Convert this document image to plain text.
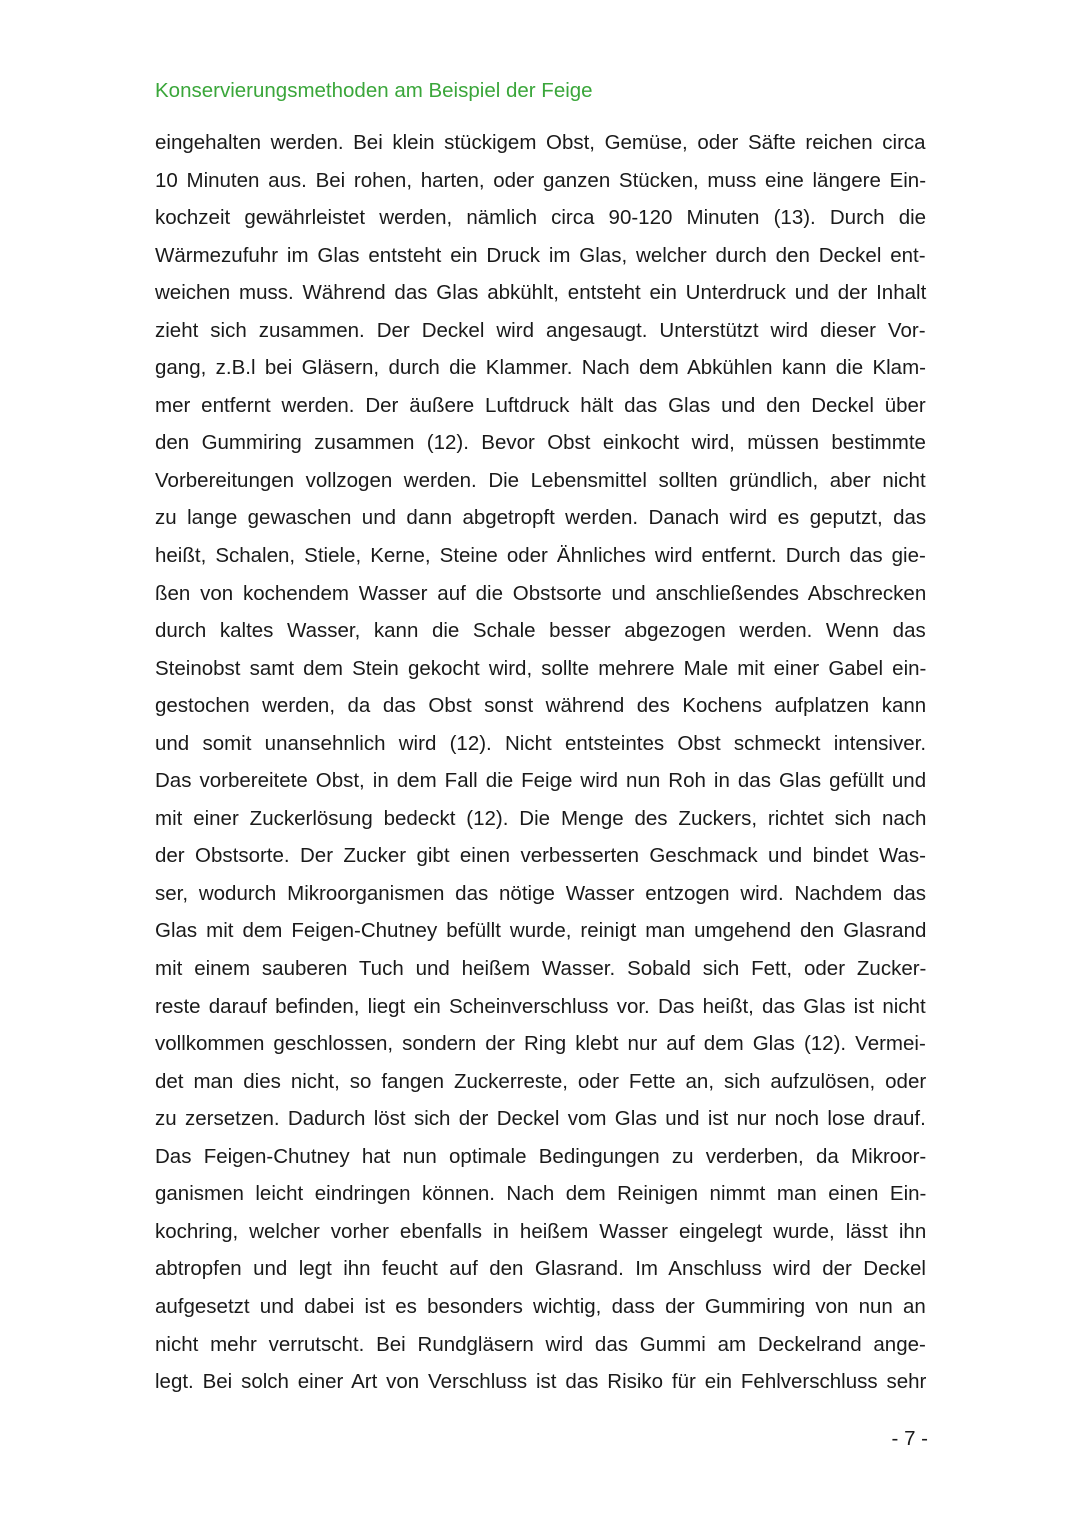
Konservierungsmethoden am Beispiel der Feige
eingehalten werden. Bei klein stückigem Obst, Gemüse, oder Säfte reichen circa
10 Minuten aus. Bei rohen, harten, oder ganzen Stücken, muss eine längere Ein-
kochzeit gewährleistet werden, nämlich circa 90-120 Minuten (13). Durch die
Wärmezufuhr im Glas entsteht ein Druck im Glas, welcher durch den Deckel ent-
weichen muss. Während das Glas abkühlt, entsteht ein Unterdruck und der Inhalt
zieht sich zusammen. Der Deckel wird angesaugt. Unterstützt wird dieser Vor-
gang, z.B.l bei Gläsern, durch die Klammer. Nach dem Abkühlen kann die Klam-
mer entfernt werden. Der äußere Luftdruck hält das Glas und den Deckel über
den Gummiring zusammen (12). Bevor Obst einkocht wird, müssen bestimmte
Vorbereitungen vollzogen werden. Die Lebensmittel sollten gründlich, aber nicht
zu lange gewaschen und dann abgetropft werden. Danach wird es geputzt, das
heißt, Schalen, Stiele, Kerne, Steine oder Ähnliches wird entfernt. Durch das gie-
ßen von kochendem Wasser auf die Obstsorte und anschließendes Abschrecken
durch kaltes Wasser, kann die Schale besser abgezogen werden. Wenn das
Steinobst samt dem Stein gekocht wird, sollte mehrere Male mit einer Gabel ein-
gestochen werden, da das Obst sonst während des Kochens aufplatzen kann
und somit unansehnlich wird (12). Nicht entsteintes Obst schmeckt intensiver.
Das vorbereitete Obst, in dem Fall die Feige wird nun Roh in das Glas gefüllt und
mit einer Zuckerlösung bedeckt (12). Die Menge des Zuckers, richtet sich nach
der Obstsorte. Der Zucker gibt einen verbesserten Geschmack und bindet Was-
ser, wodurch Mikroorganismen das nötige Wasser entzogen wird. Nachdem das
Glas mit dem Feigen-Chutney befüllt wurde, reinigt man umgehend den Glasrand
mit einem sauberen Tuch und heißem Wasser. Sobald sich Fett, oder Zucker-
reste darauf befinden, liegt ein Scheinverschluss vor. Das heißt, das Glas ist nicht
vollkommen geschlossen, sondern der Ring klebt nur auf dem Glas (12). Vermei-
det man dies nicht, so fangen Zuckerreste, oder Fette an, sich aufzulösen, oder
zu zersetzen. Dadurch löst sich der Deckel vom Glas und ist nur noch lose drauf.
Das Feigen-Chutney hat nun optimale Bedingungen zu verderben, da Mikroor-
ganismen leicht eindringen können. Nach dem Reinigen nimmt man einen Ein-
kochring, welcher vorher ebenfalls in heißem Wasser eingelegt wurde, lässt ihn
abtropfen und legt ihn feucht auf den Glasrand. Im Anschluss wird der Deckel
aufgesetzt und dabei ist es besonders wichtig, dass der Gummiring von nun an
nicht mehr verrutscht. Bei Rundgläsern wird das Gummi am Deckelrand ange-
legt. Bei solch einer Art von Verschluss ist das Risiko für ein Fehlverschluss sehr
- 7 -
